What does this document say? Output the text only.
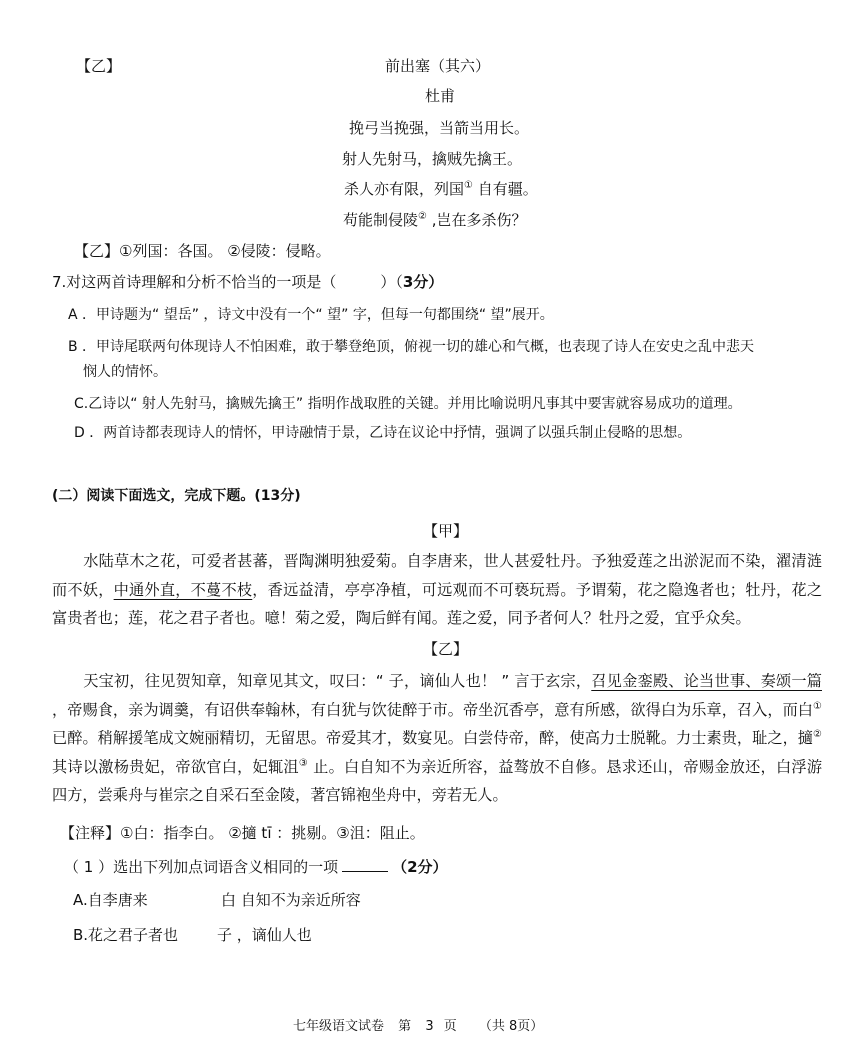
【乙】	前出塞（其六）
杜甫
挽弓当挽强，当箭当用长。
射人先射马，擒贼先擒王。
杀人亦有限，列国① 自有疆。
苟能制侵陵② ,岂在多杀伤？
【乙】①列国：各国。 ②侵陵：侵略。
7.对这两首诗理解和分析不恰当的一项是（	）（3分）
A ．甲诗题为“ 望岳” ，诗文中没有一个“ 望” 字，但每一句都围绕“ 望”展开。
B ．甲诗尾联两句体现诗人不怕困难，敢于攀登绝顶，俯视一切的雄心和气概，也表现了诗人在安史之乱中悲天
悯人的情怀。
C.乙诗以“ 射人先射马，擒贼先擒王” 指明作战取胜的关键。并用比喻说明凡事其中要害就容易成功的道理。
D ．两首诗都表现诗人的情怀，甲诗融情于景，乙诗在议论中抒情，强调了以强兵制止侵略的思想。
(二）阅读下面选文，完成下题。(13分)
【甲】
水陆草木之花，可爱者甚蕃，晋陶渊明独爱菊。自李唐来，世人甚爱牡丹。予独爱莲之出淤泥而不染，濯清涟而不妖，中通外直，不蔓不枝，香远益清，亭亭净植，可远观而不可亵玩焉。予谓菊，花之隐逸者也；牡丹，花之富贵者也；莲，花之君子者也。噫！菊之爱，陶后鲜有闻。莲之爱，同予者何人？牡丹之爱，宜乎众矣。
【乙】
天宝初，往见贺知章，知章见其文，叹曰：“ 子，谪仙人也！ ” 言于玄宗，召见金銮殿、论当世事、奏颂一篇 ，帝赐食，亲为调羹，有诏供奉翰林，有白犹与饮徒醉于市。帝坐沉香亭，意有所感，欲得白为乐章，召入，而白① 已醉。稍解援笔成文婉丽精切，无留思。帝爱其才，数宴见。白尝侍帝，醉，使高力士脱靴。力士素贵，耻之，擿② 其诗以激杨贵妃，帝欲官白，妃辄沮③ 止。白自知不为亲近所容，益骜放不自修。恳求还山，帝赐金放还，白浮游四方，尝乘舟与崔宗之自采石至金陵，著宫锦袍坐舟中，旁若无人。
【注释】①白：指李白。 ②擿 tī ：挑剔。③沮：阻止。
（ 1 ）选出下列加点词语含义相同的一项	（2分）
A.自李唐来	白 自知不为亲近所容
B.花之君子者也	子 ，谪仙人也
七年级语文试卷 第 3 页 （共 8页）
